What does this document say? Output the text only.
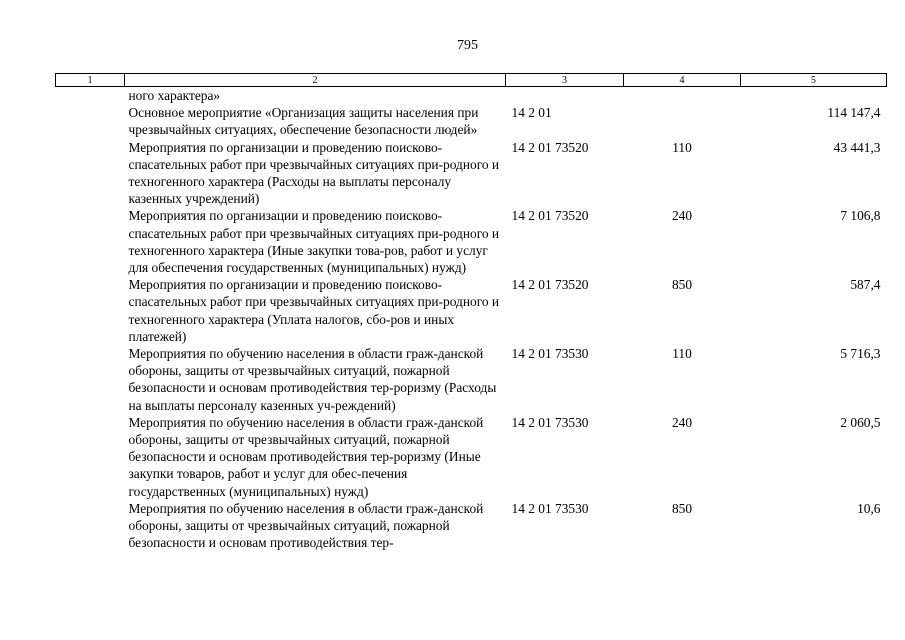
795
1	2	3	4	5
	ного характера»			
	Основное мероприятие «Организация защиты населения при чрезвычайных ситуациях, обеспечение безопасности людей»	14 2 01		114 147,4
	Мероприятия по организации и проведению поисково-спасательных работ при чрезвычайных ситуациях при-родного и техногенного характера (Расходы на выплаты персоналу казенных учреждений)	14 2 01 73520	110	43 441,3
	Мероприятия по организации и проведению поисково-спасательных работ при чрезвычайных ситуациях при-родного и техногенного характера (Иные закупки това-ров, работ и услуг для обеспечения государственных (муниципальных) нужд)	14 2 01 73520	240	7 106,8
	Мероприятия по организации и проведению поисково-спасательных работ при чрезвычайных ситуациях при-родного и техногенного характера (Уплата налогов, сбо-ров и иных платежей)	14 2 01 73520	850	587,4
	Мероприятия по обучению населения в области граж-данской обороны, защиты от чрезвычайных ситуаций, пожарной безопасности и основам противодействия тер-роризму (Расходы на выплаты персоналу казенных уч-реждений)	14 2 01 73530	110	5 716,3
	Мероприятия по обучению населения в области граж-данской обороны, защиты от чрезвычайных ситуаций, пожарной безопасности и основам противодействия тер-роризму (Иные закупки товаров, работ и услуг для обес-печения государственных (муниципальных) нужд)	14 2 01 73530	240	2 060,5
	Мероприятия по обучению населения в области граж-данской обороны, защиты от чрезвычайных ситуаций, пожарной безопасности и основам противодействия тер-	14 2 01 73530	850	10,6
